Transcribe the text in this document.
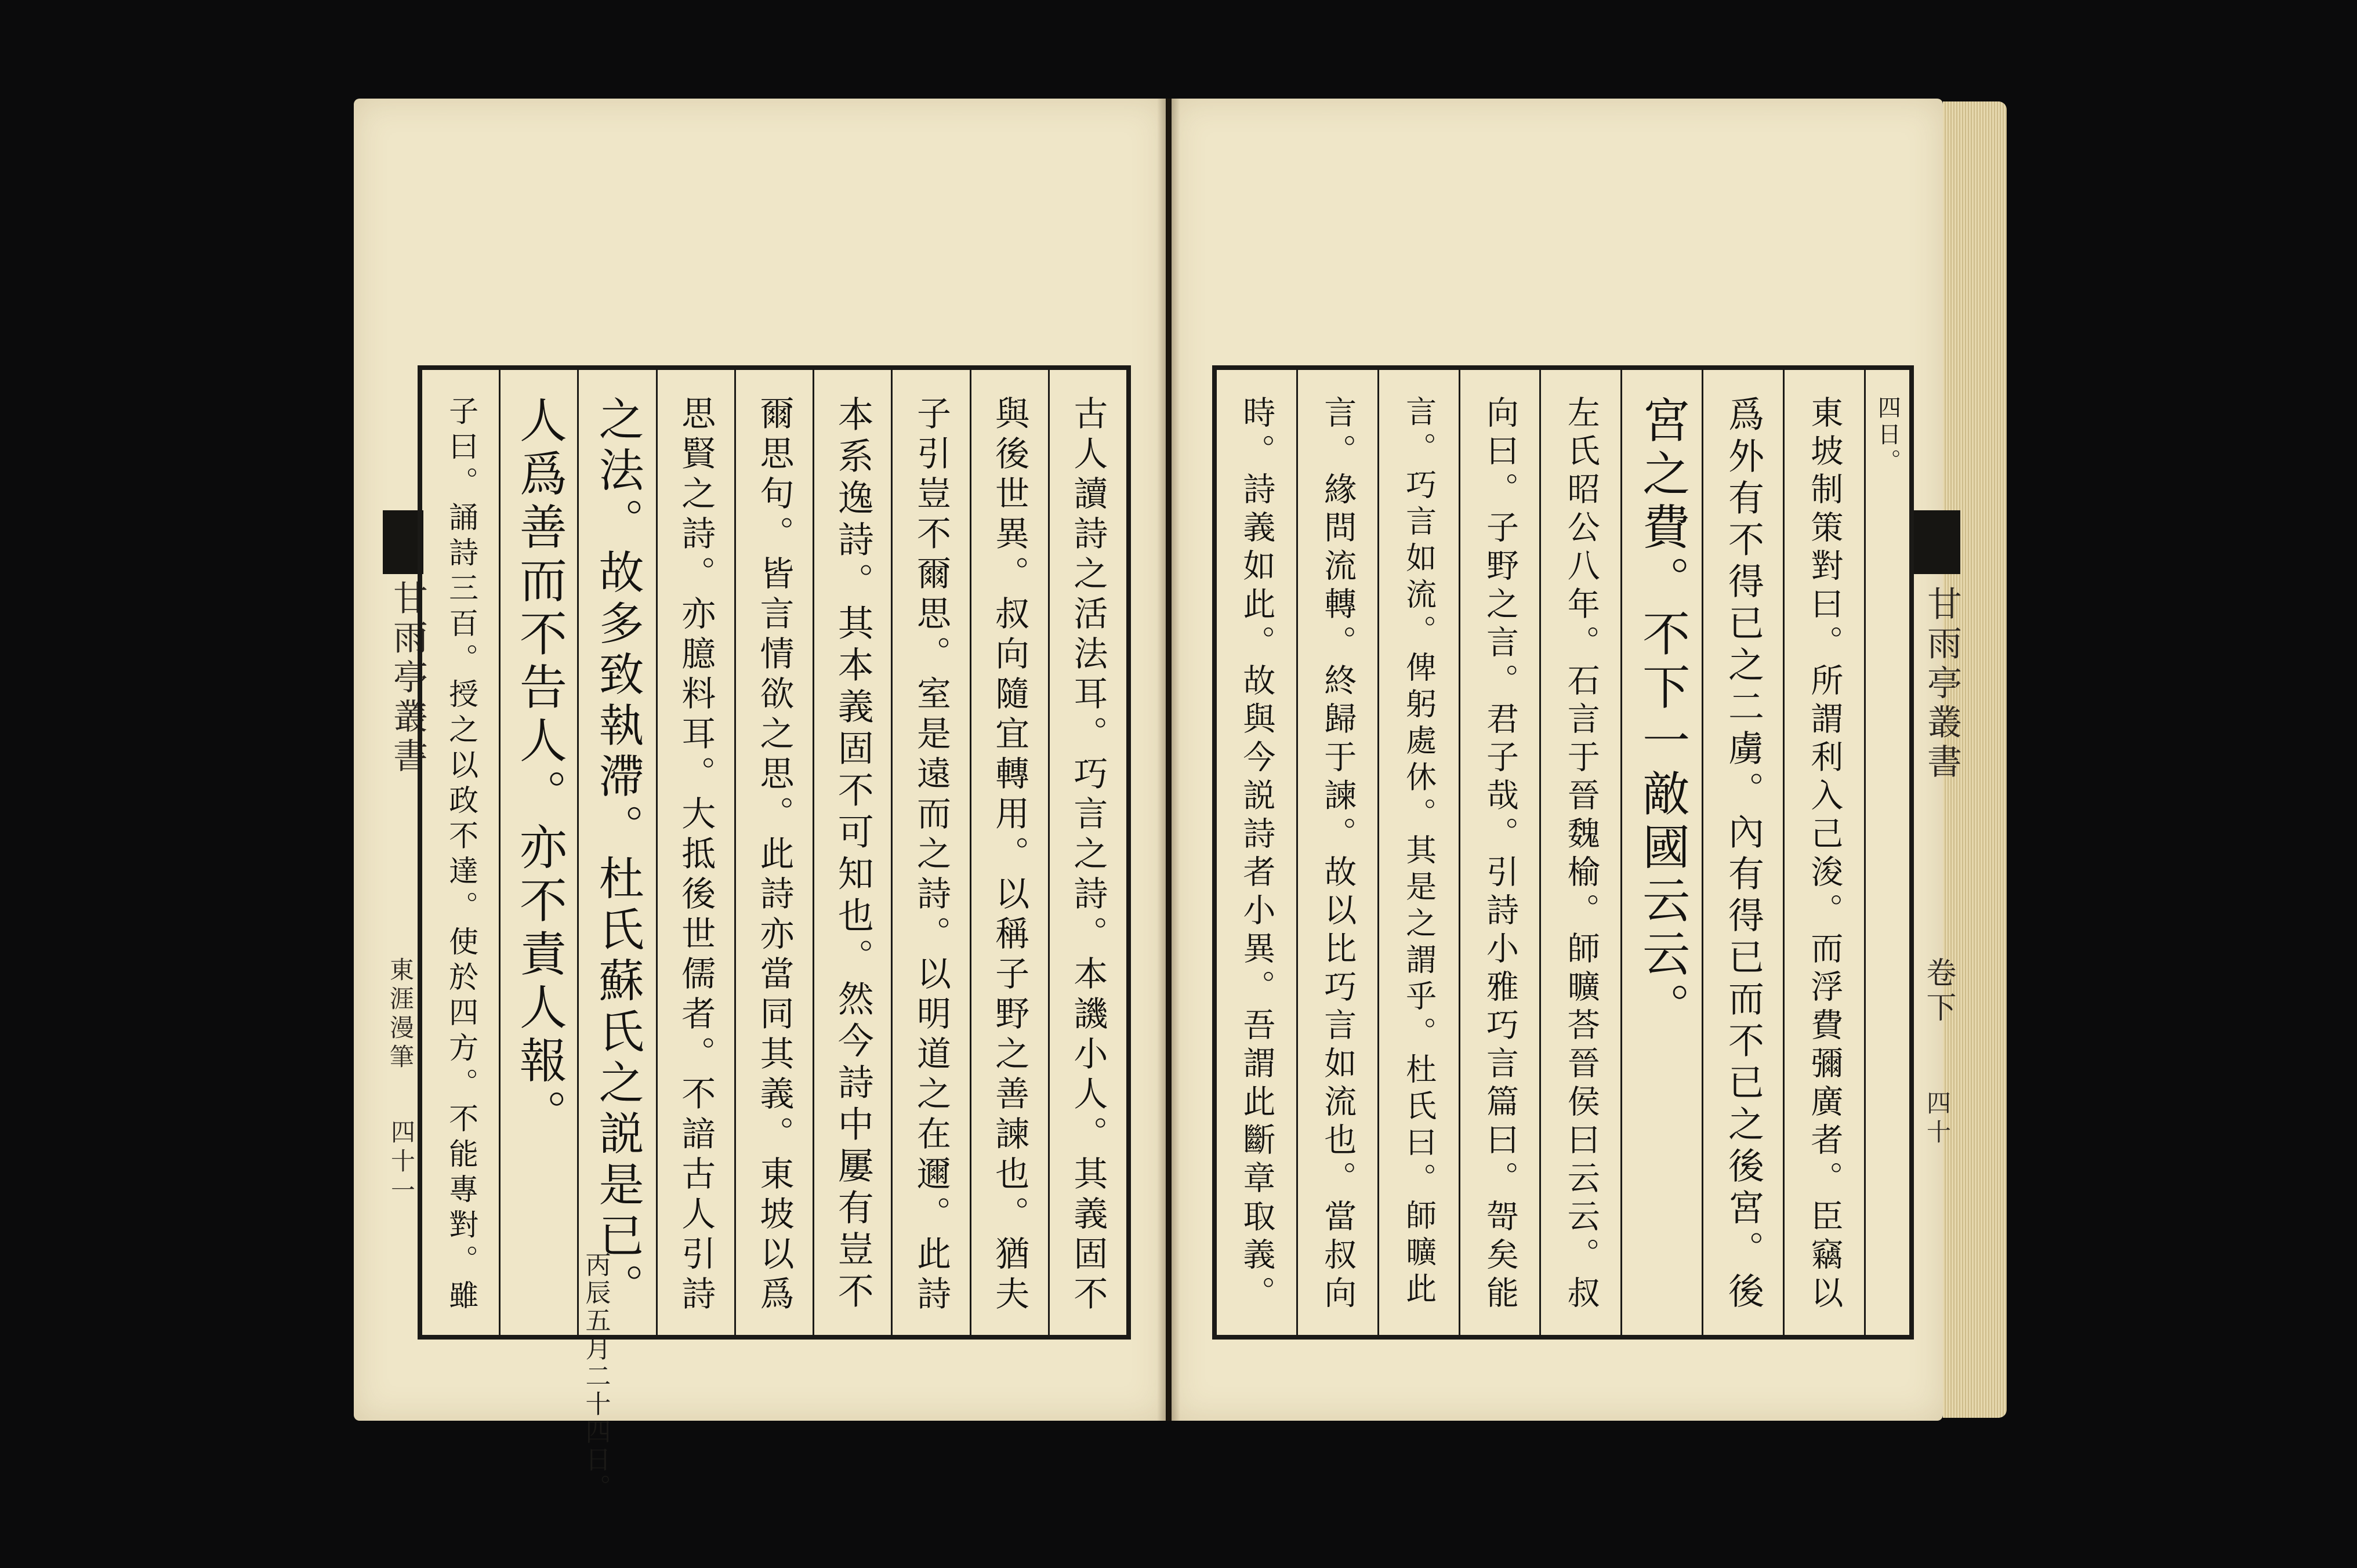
甘雨亭叢書
東涯漫筆
四十一
甘雨亭叢書
卷下
四十
古人讀詩之活法耳。巧言之詩。本譏小人。其義固不
與後世異。叔向隨宜轉用。以稱子野之善諫也。猶夫
子引豈不爾思。室是遠而之詩。以明道之在邇。此詩
本系逸詩。其本義固不可知也。然今詩中屢有豈不
爾思句。皆言情欲之思。此詩亦當同其義。東坡以爲
思賢之詩。亦臆料耳。大抵後世儒者。不諳古人引詩
之法。故多致執滯。杜氏蘇氏之説是已。
丙辰五月二十四日。
人爲善而不告人。亦不責人報。
子曰。誦詩三百。授之以政不達。使於四方。不能專對。雖	四日。
東坡制策對曰。所謂利入己浚。而浮費彌廣者。臣竊以
爲外有不得已之二虜。內有得已而不已之後宮。後
宮之費。不下一敵國云云。
左氏昭公八年。石言于晉魏榆。師曠荅晉侯曰云云。叔
向曰。子野之言。君子哉。引詩小雅巧言篇曰。哿矣能
言。巧言如流。俾躬處休。其是之謂乎。杜氏曰。師曠此
言。緣問流轉。終歸于諫。故以比巧言如流也。當叔向
時。詩義如此。故與今説詩者小異。吾謂此斷章取義。
